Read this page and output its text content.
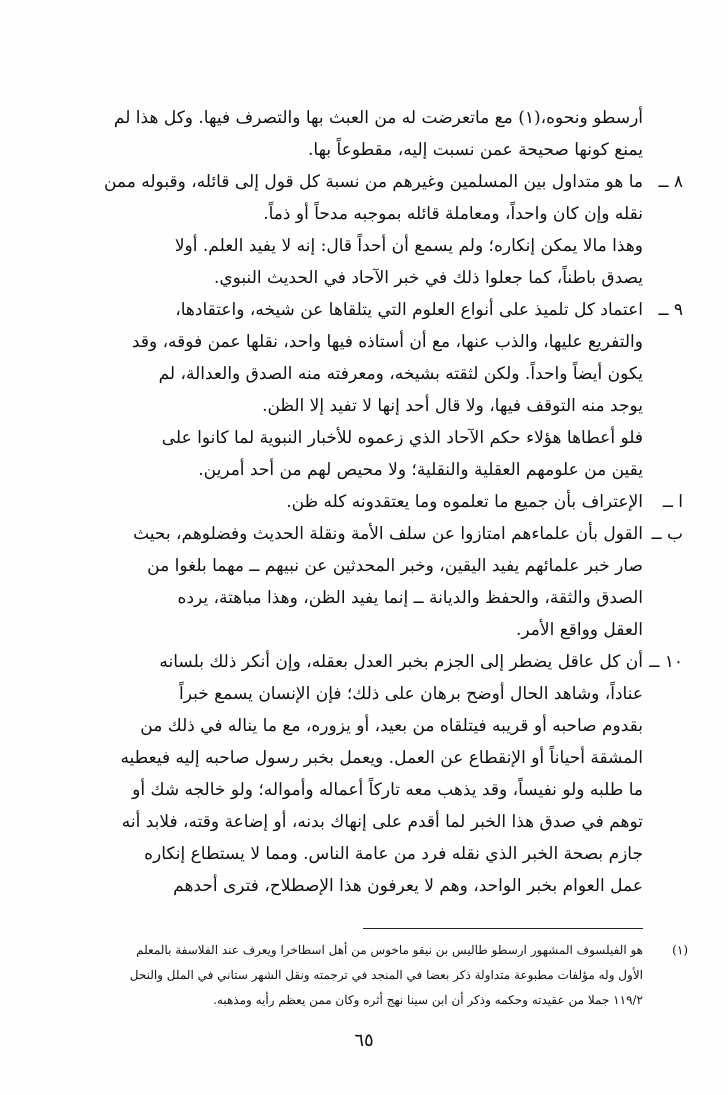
أرسطو ونحوه،(١) مع ماتعرضت له من العبث بها والتصرف فيها. وكل هذا لم
يمنع كونها صحيحة عمن نسبت إليه، مقطوعاً بها.
٨ ــ
ما هو متداول بين المسلمين وغيرهم من نسبة كل قول إلى قائله، وقبوله ممن
نقله وإن كان واحداً، ومعاملة قائله بموجبه مدحاً أو ذماً.
وهذا مالا يمكن إنكاره؛ ولم يسمع أن أحداً قال: إنه لا يفيد العلم. أولا
يصدق باطناً، كما جعلوا ذلك في خبر الآحاد في الحديث النبوي.
٩ ــ
اعتماد كل تلميذ على أنواع العلوم التي يتلقاها عن شيخه، واعتقادها،
والتفريع عليها، والذب عنها، مع أن أستاذه فيها واحد، نقلها عمن فوقه، وقد
يكون أيضاً واحداً. ولكن لثقته بشيخه، ومعرفته منه الصدق والعدالة، لم
يوجد منه التوقف فيها، ولا قال أحد إنها لا تفيد إلا الظن.
فلو أعطاها هؤلاء حكم الآحاد الذي زعموه للأخبار النبوية لما كانوا على
يقين من علومهم العقلية والنقلية؛ ولا محيص لهم من أحد أمرين.
ا ــ
الإعتراف بأن جميع ما تعلموه وما يعتقدونه كله ظن.
ب ــ
القول بأن علماءهم امتازوا عن سلف الأمة ونقلة الحديث وفضلوهم، بحيث
صار خبر علمائهم يفيد اليقين، وخبر المحدثين عن نبيهم ــ مهما بلغوا من
الصدق والثقة، والحفظ والديانة ــ إنما يفيد الظن، وهذا مباهتة، يرده
العقل وواقع الأمر.
١٠ ــ
أن كل عاقل يضطر إلى الجزم بخبر العدل بعقله، وإن أنكر ذلك بلسانه
عناداً، وشاهد الحال أوضح برهان على ذلك؛ فإن الإنسان يسمع خبراً
بقدوم صاحبه أو قريبه فيتلقاه من بعيد، أو يزوره، مع ما يناله في ذلك من
المشقة أحياناً أو الإنقطاع عن العمل. ويعمل بخبر رسول صاحبه إليه فيعطيه
ما طلبه ولو نفيساً، وقد يذهب معه تاركاً أعماله وأمواله؛ ولو خالجه شك أو
توهم في صدق هذا الخبر لما أقدم على إنهاك بدنه، أو إضاعة وقته، فلابد أنه
جازم بصحة الخبر الذي نقله فرد من عامة الناس. ومما لا يستطاع إنكاره
عمل العوام بخبر الواحد، وهم لا يعرفون هذا الإصطلاح، فترى أحدهم
(١)
هو الفيلسوف المشهور ارسطو طاليس بن نيقو ماخوس من أهل اسطاخرا ويعرف عند الفلاسفة بالمعلم
الأول وله مؤلفات مطبوعة متداولة ذكر بعضا في المنجد في ترجمته ونقل الشهر ستاني في الملل والنحل
١١٩/٢ جملا من عقيدته وحكمه وذكر أن ابن سينا نهج أثره وكان ممن يعظم رأيه ومذهبه.
٦٥
